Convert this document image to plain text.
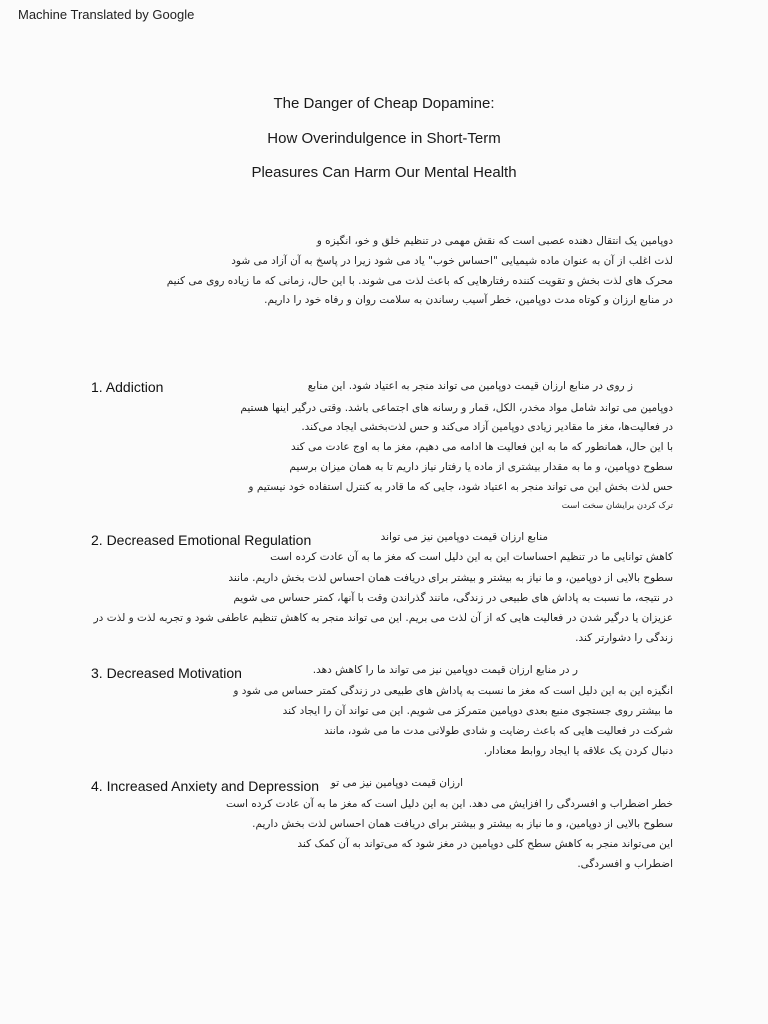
Machine Translated by Google
The Danger of Cheap Dopamine:
How Overindulgence in Short-Term
Pleasures Can Harm Our Mental Health
دوپامین یک انتقال دهنده عصبی است که نقش مهمی در تنظیم خلق و خو، انگیزه و
لذت اغلب از آن به عنوان ماده شیمیایی "احساس خوب" یاد می شود زیرا در پاسخ به آن آزاد می شود
محرک های لذت بخش و تقویت کننده رفتارهایی که باعث لذت می شوند. با این حال، زمانی که ما زیاده روی می کنیم
در منابع ارزان و کوتاه مدت دوپامین، خطر آسیب رساندن به سلامت روان و رفاه خود را داریم.
1. Addiction	ز روی در منابع ارزان قیمت دوپامین می تواند منجر به اعتیاد شود. این منابع
دوپامین می تواند شامل مواد مخدر، الکل، قمار و رسانه های اجتماعی باشد. وقتی درگیر اینها هستیم
در فعالیت‌ها، مغز ما مقادیر زیادی دوپامین آزاد می‌کند و حس لذت‌بخشی ایجاد می‌کند.
با این حال، همانطور که ما به این فعالیت ها ادامه می دهیم، مغز ما به اوج عادت می کند
سطوح دوپامین، و ما به مقدار بیشتری از ماده یا رفتار نیاز داریم تا به همان میزان برسیم
حس لذت بخش این می تواند منجر به اعتیاد شود، جایی که ما قادر به کنترل استفاده خود نیستیم و
ترک کردن برایشان سخت است
2. Decreased Emotional Regulation	منابع ارزان قیمت دوپامین نیز می تواند
کاهش توانایی ما در تنظیم احساسات این به این دلیل است که مغز ما به آن عادت کرده است
سطوح بالایی از دوپامین، و ما نیاز به بیشتر و بیشتر برای دریافت همان احساس لذت بخش داریم. مانند
در نتیجه، ما نسبت به پاداش های طبیعی در زندگی، مانند گذراندن وقت با آنها، کمتر حساس می شویم
عزیزان یا درگیر شدن در فعالیت هایی که از آن لذت می بریم. این می تواند منجر به کاهش تنظیم عاطفی شود و تجربه لذت و لذت در
زندگی را دشوارتر کند.
3. Decreased Motivation	ر در منابع ارزان قیمت دوپامین نیز می تواند ما را کاهش دهد.
انگیزه این به این دلیل است که مغز ما نسبت به پاداش های طبیعی در زندگی کمتر حساس می شود و
ما بیشتر روی جستجوی منبع بعدی دوپامین متمرکز می شویم. این می تواند آن را ایجاد کند
شرکت در فعالیت هایی که باعث رضایت و شادی طولانی مدت ما می شود، مانند
دنبال کردن یک علاقه یا ایجاد روابط معنادار.
4. Increased Anxiety and Depression ارزان قیمت دوپامین نیز می تو
خطر اضطراب و افسردگی را افزایش می دهد. این به این دلیل است که مغز ما به آن عادت کرده است
سطوح بالایی از دوپامین، و ما نیاز به بیشتر و بیشتر برای دریافت همان احساس لذت بخش داریم.
این می‌تواند منجر به کاهش سطح کلی دوپامین در مغز شود که می‌تواند به آن کمک کند
اضطراب و افسردگی.
